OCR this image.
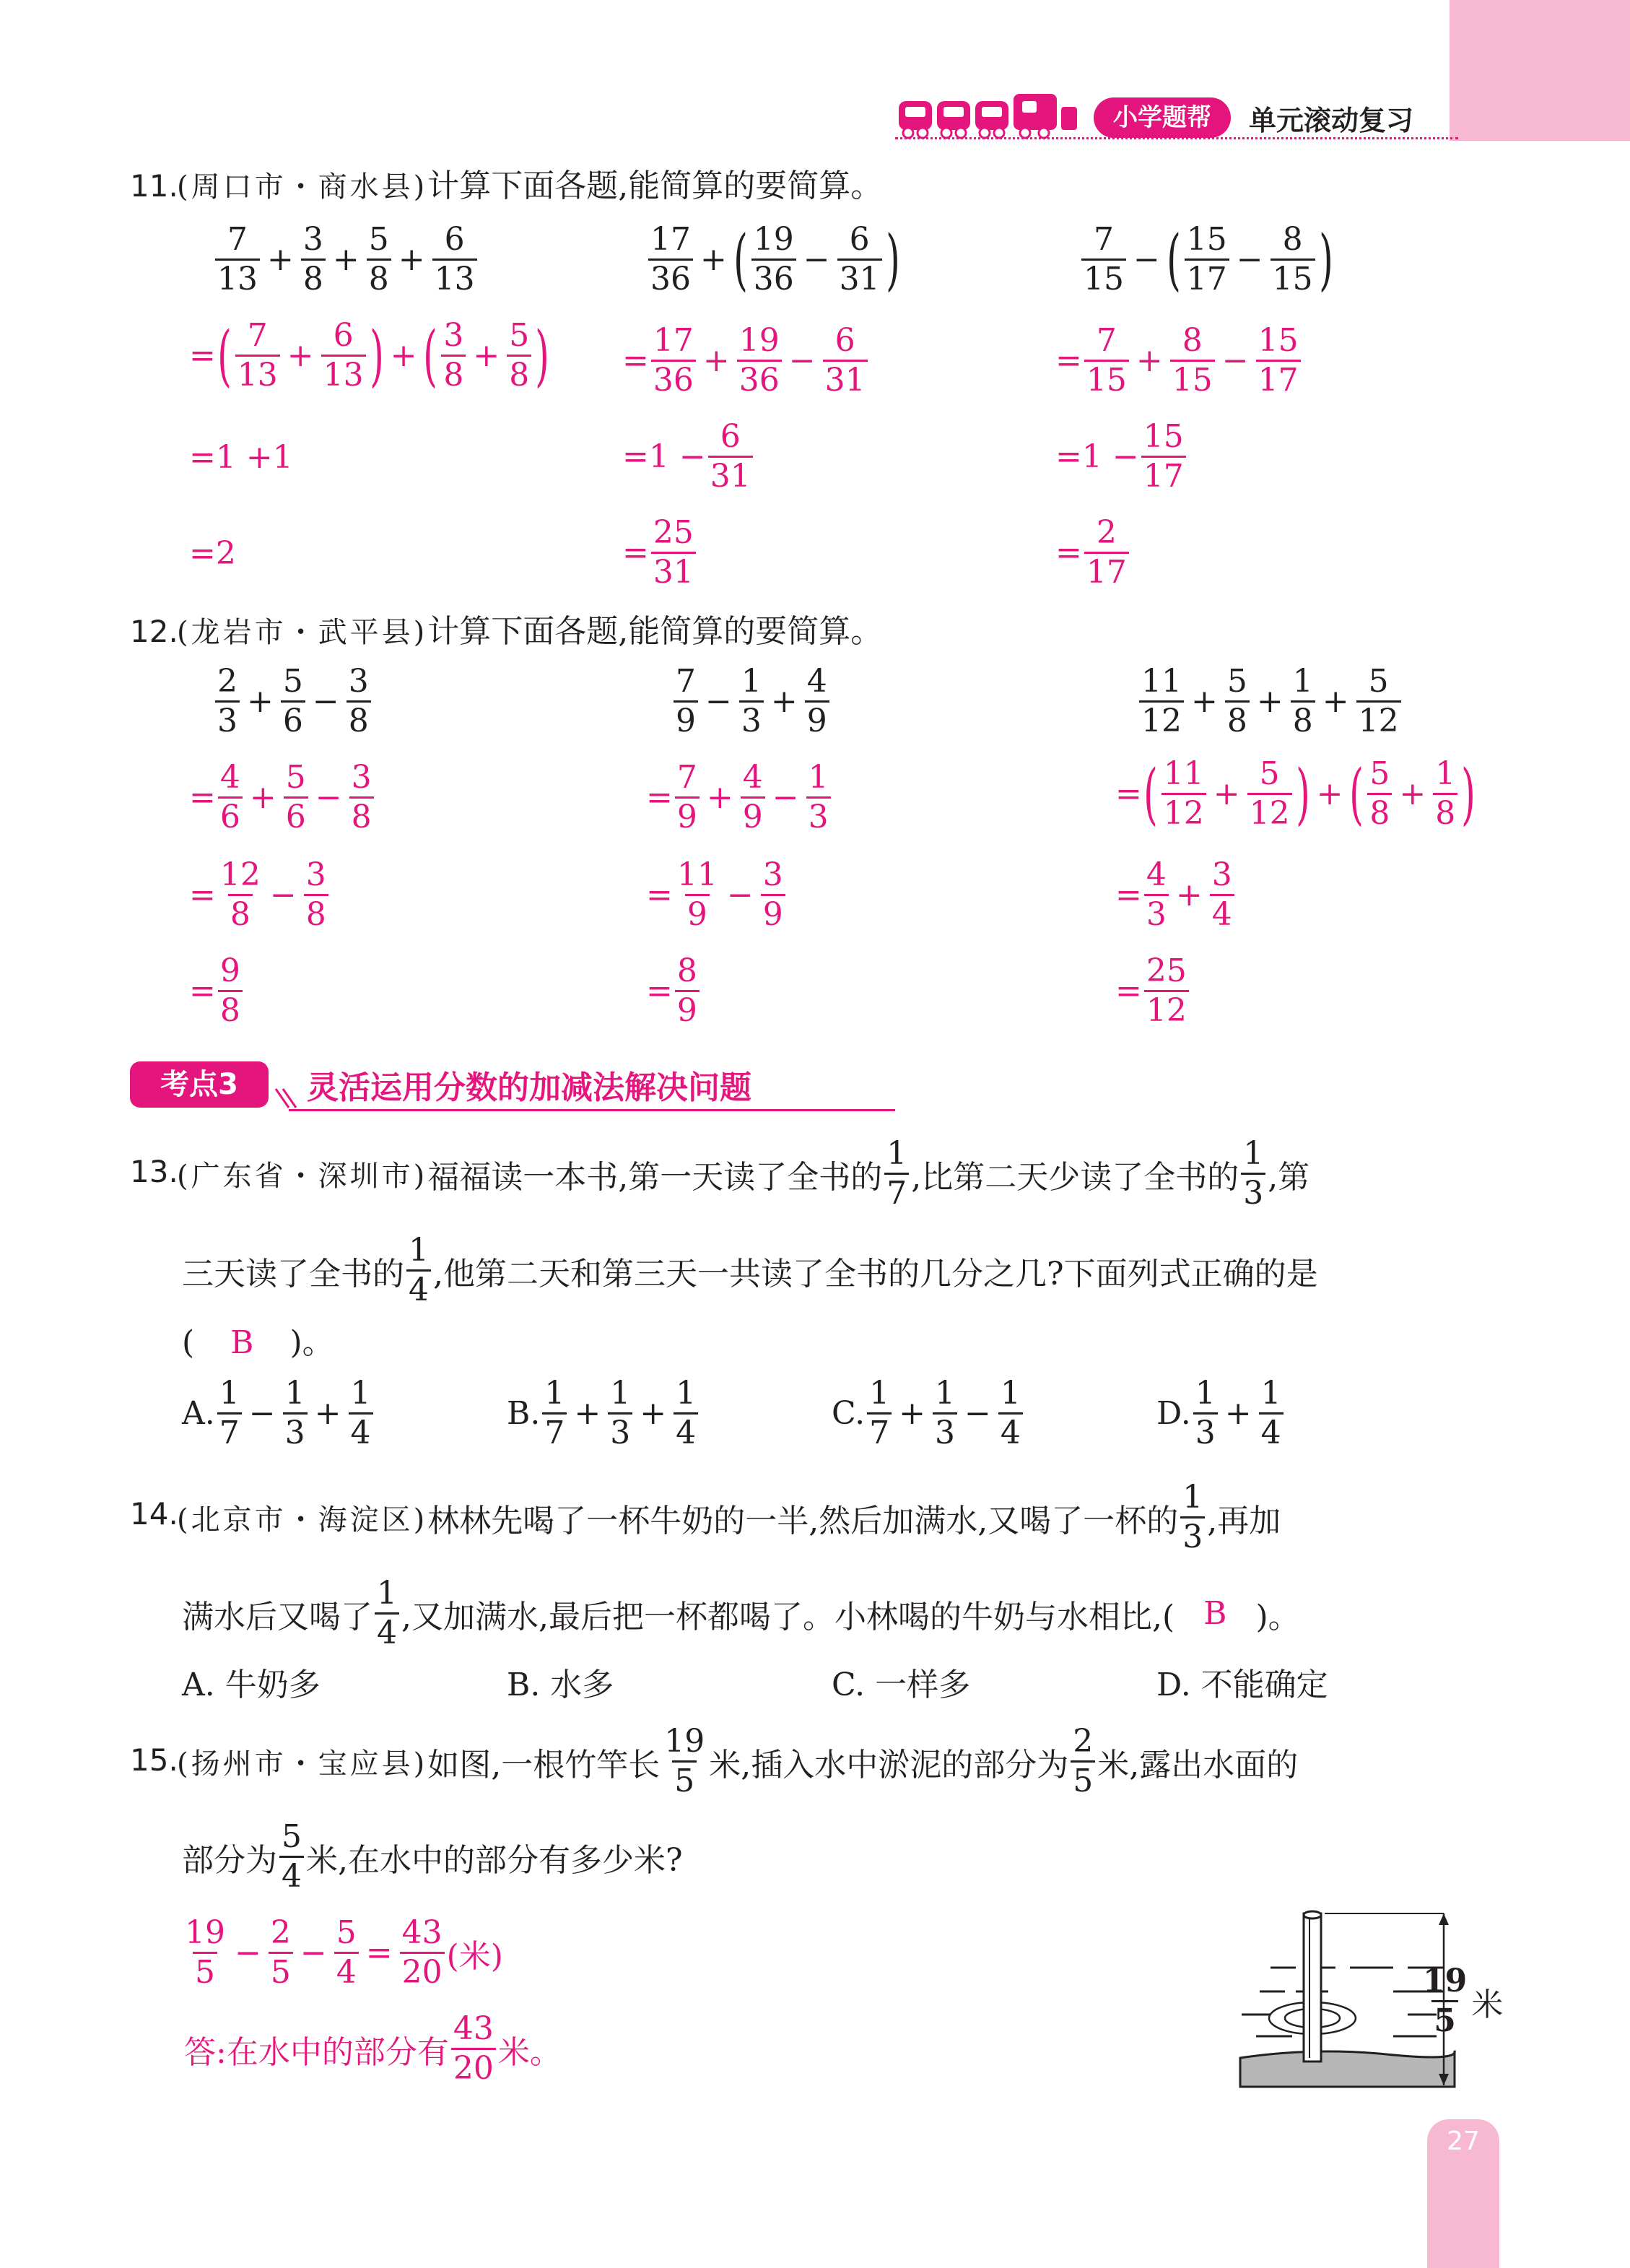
小学题帮	单元滚动复习
11.
(周口市・商水县)计算下面各题,能简算的要简算。
$\frac{7}{13} + \frac{3}{8} + \frac{5}{8} + \frac{6}{13}$
= ( $\frac{7}{13} + \frac{6}{13}$ ) + ( $\frac{3}{8} + \frac{5}{8}$ )
=1 +1
=2
$\frac{17}{36}$ + ( $\frac{19}{36} - \frac{6}{31}$ )
= $\frac{17}{36} + \frac{19}{36} - \frac{6}{31}$
$=1 - \frac{6}{31}$
= $\frac{25}{31}$
$\frac{7}{15}$ − ( $\frac{15}{17} - \frac{8}{15}$ )
= $\frac{7}{15} + \frac{8}{15} - \frac{15}{17}$
$=1 - \frac{15}{17}$
= $\frac{2}{17}$
12.
(龙岩市・武平县)计算下面各题,能简算的要简算。
$\frac{2}{3} + \frac{5}{6} - \frac{3}{8}$
= $\frac{4}{6} + \frac{5}{6} - \frac{3}{8}$
= $\frac{12}{8} - \frac{3}{8}$
= $\frac{9}{8}$
$\frac{7}{9} - \frac{1}{3} + \frac{4}{9}$
= $\frac{7}{9} + \frac{4}{9} - \frac{1}{3}$
= $\frac{11}{9} - \frac{3}{9}$
= $\frac{8}{9}$
$\frac{11}{12} + \frac{5}{8} + \frac{1}{8} + \frac{5}{12}$
= ( $\frac{11}{12} + \frac{5}{12}$ ) + ( $\frac{5}{8} + \frac{1}{8}$ )
= $\frac{4}{3} + \frac{3}{4}$
= $\frac{25}{12}$
考点3	灵活运用分数的加减法解决问题
13.
(广东省・深圳市) 福福读一本书,第一天读了全书的 $\frac{1}{7}$ ,比第二天少读了全书的 $\frac{1}{3}$ ,第
三天读了全书的 $\frac{1}{4}$ ,他第二天和第三天一共读了全书的几分之几?下面列式正确的是
( B )。
A. $\frac{1}{7} - \frac{1}{3} + \frac{1}{4}$	B. $\frac{1}{7} + \frac{1}{3} + \frac{1}{4}$	C. $\frac{1}{7} + \frac{1}{3} - \frac{1}{4}$	D. $\frac{1}{3} + \frac{1}{4}$
14.
(北京市・海淀区) 林林先喝了一杯牛奶的一半,然后加满水,又喝了一杯的 $\frac{1}{3}$ ,再加
满水后又喝了 $\frac{1}{4}$ ,又加满水,最后把一杯都喝了。小林喝的牛奶与水相比,( B )。
A. 牛奶多	B. 水多	C. 一样多	D. 不能确定
15.
(扬州市・宝应县) 如图,一根竹竿长 $\frac{19}{5}$ 米,插入水中淤泥的部分为 $\frac{2}{5}$ 米,露出水面的
部分为 $\frac{5}{4}$ 米,在水中的部分有多少米?
$\frac{19}{5} - \frac{2}{5} - \frac{5}{4} = \frac{43}{20}$ (米)
答:在水中的部分有 $\frac{43}{20}$ 米。
$\frac{19}{5}$ 米
27
